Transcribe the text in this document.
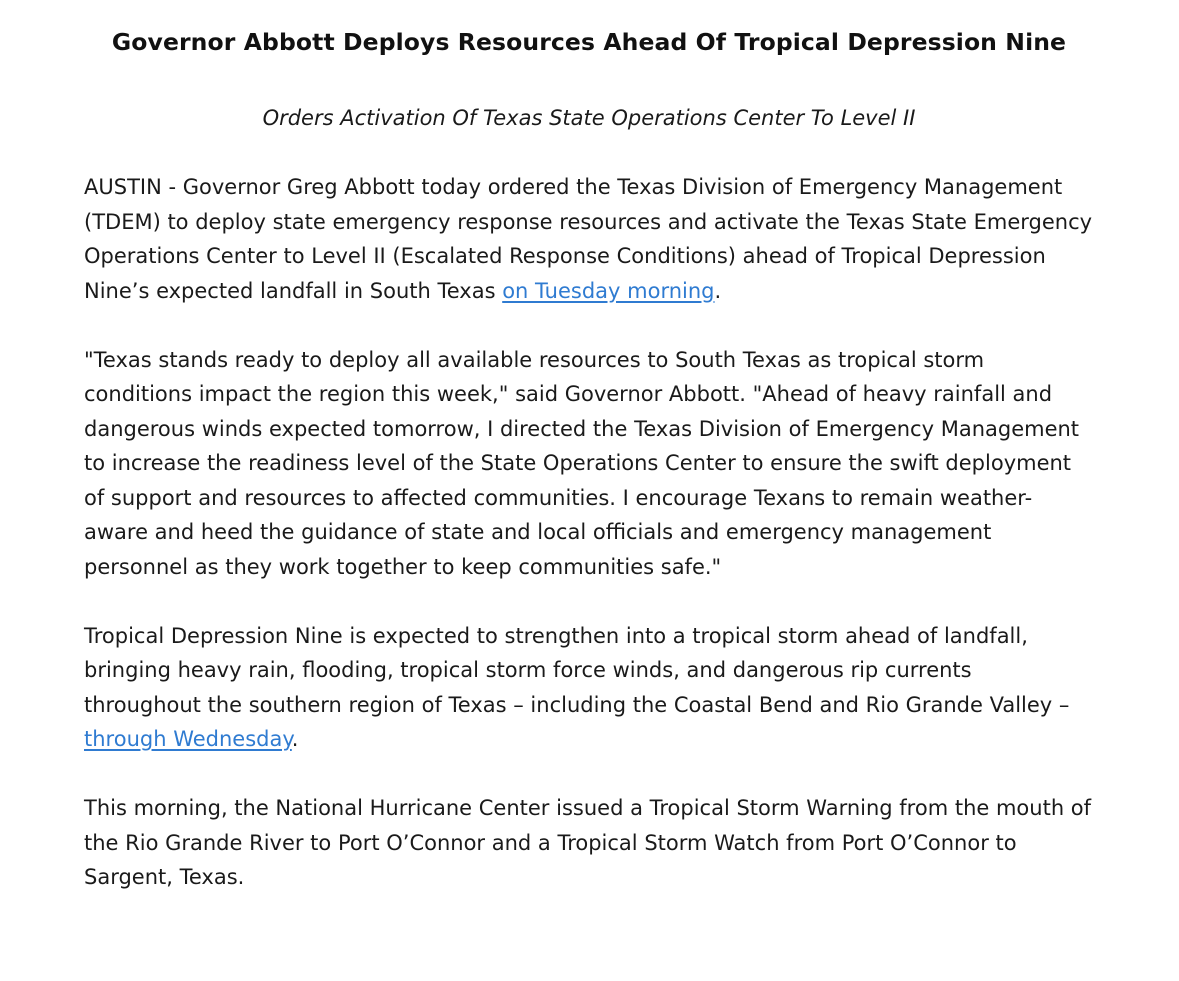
Governor Abbott Deploys Resources Ahead Of Tropical Depression Nine

Orders Activation Of Texas State Operations Center To Level II

AUSTIN - Governor Greg Abbott today ordered the Texas Division of Emergency Management (TDEM) to deploy state emergency response resources and activate the Texas State Emergency Operations Center to Level II (Escalated Response Conditions) ahead of Tropical Depression Nine’s expected landfall in South Texas on Tuesday morning.

"Texas stands ready to deploy all available resources to South Texas as tropical storm conditions impact the region this week," said Governor Abbott. "Ahead of heavy rainfall and dangerous winds expected tomorrow, I directed the Texas Division of Emergency Management to increase the readiness level of the State Operations Center to ensure the swift deployment of support and resources to affected communities. I encourage Texans to remain weather-aware and heed the guidance of state and local officials and emergency management personnel as they work together to keep communities safe."

Tropical Depression Nine is expected to strengthen into a tropical storm ahead of landfall, bringing heavy rain, flooding, tropical storm force winds, and dangerous rip currents throughout the southern region of Texas – including the Coastal Bend and Rio Grande Valley – through Wednesday.

This morning, the National Hurricane Center issued a Tropical Storm Warning from the mouth of the Rio Grande River to Port O’Connor and a Tropical Storm Watch from Port O’Connor to Sargent, Texas.
